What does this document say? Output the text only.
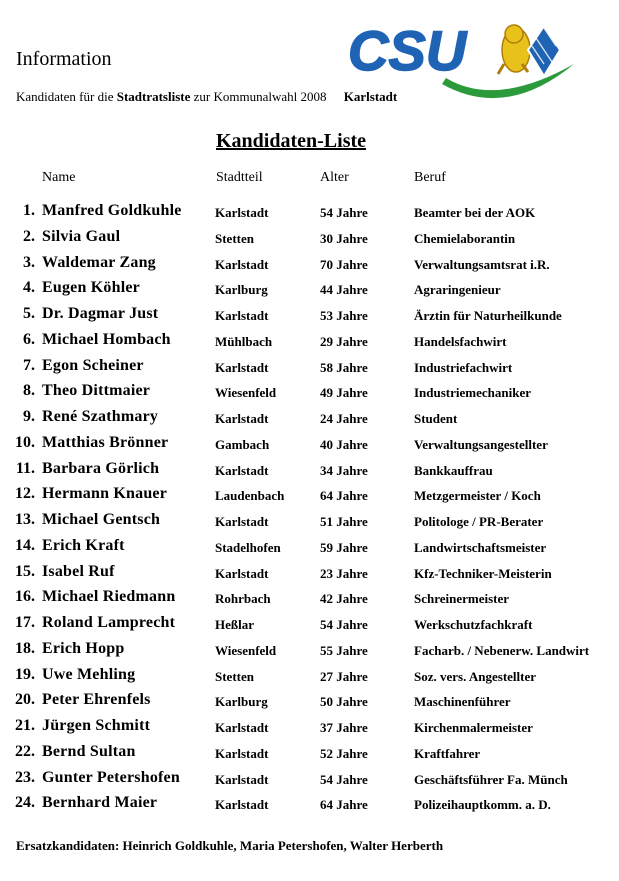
Information
Kandidaten für die Stadtratsliste zur Kommunalwahl 2008 Karlstadt
CSU
Kandidaten-Liste
Name	Stadtteil	Alter	Beruf
1. Manfred Goldkuhle	Karlstadt	54 Jahre	Beamter bei der AOK
2. Silvia Gaul	Stetten	30 Jahre	Chemielaborantin
3. Waldemar Zang	Karlstadt	70 Jahre	Verwaltungsamtsrat i.R.
4. Eugen Köhler	Karlburg	44 Jahre	Agraringenieur
5. Dr. Dagmar Just	Karlstadt	53 Jahre	Ärztin für Naturheilkunde
6. Michael Hombach	Mühlbach	29 Jahre	Handelsfachwirt
7. Egon Scheiner	Karlstadt	58 Jahre	Industriefachwirt
8. Theo Dittmaier	Wiesenfeld	49 Jahre	Industriemechaniker
9. René Szathmary	Karlstadt	24 Jahre	Student
10. Matthias Brönner	Gambach	40 Jahre	Verwaltungsangestellter
11. Barbara Görlich	Karlstadt	34 Jahre	Bankkauffrau
12. Hermann Knauer	Laudenbach	64 Jahre	Metzgermeister / Koch
13. Michael Gentsch	Karlstadt	51 Jahre	Politologe / PR-Berater
14. Erich Kraft	Stadelhofen	59 Jahre	Landwirtschaftsmeister
15. Isabel Ruf	Karlstadt	23 Jahre	Kfz-Techniker-Meisterin
16. Michael Riedmann	Rohrbach	42 Jahre	Schreinermeister
17. Roland Lamprecht	Heßlar	54 Jahre	Werkschutzfachkraft
18. Erich Hopp	Wiesenfeld	55 Jahre	Facharb. / Nebenerw. Landwirt
19. Uwe Mehling	Stetten	27 Jahre	Soz. vers. Angestellter
20. Peter Ehrenfels	Karlburg	50 Jahre	Maschinenführer
21. Jürgen Schmitt	Karlstadt	37 Jahre	Kirchenmalermeister
22. Bernd Sultan	Karlstadt	52 Jahre	Kraftfahrer
23. Gunter Petershofen	Karlstadt	54 Jahre	Geschäftsführer Fa. Münch
24. Bernhard Maier	Karlstadt	64 Jahre	Polizeihauptkomm. a. D.
Ersatzkandidaten: Heinrich Goldkuhle, Maria Petershofen, Walter Herberth
